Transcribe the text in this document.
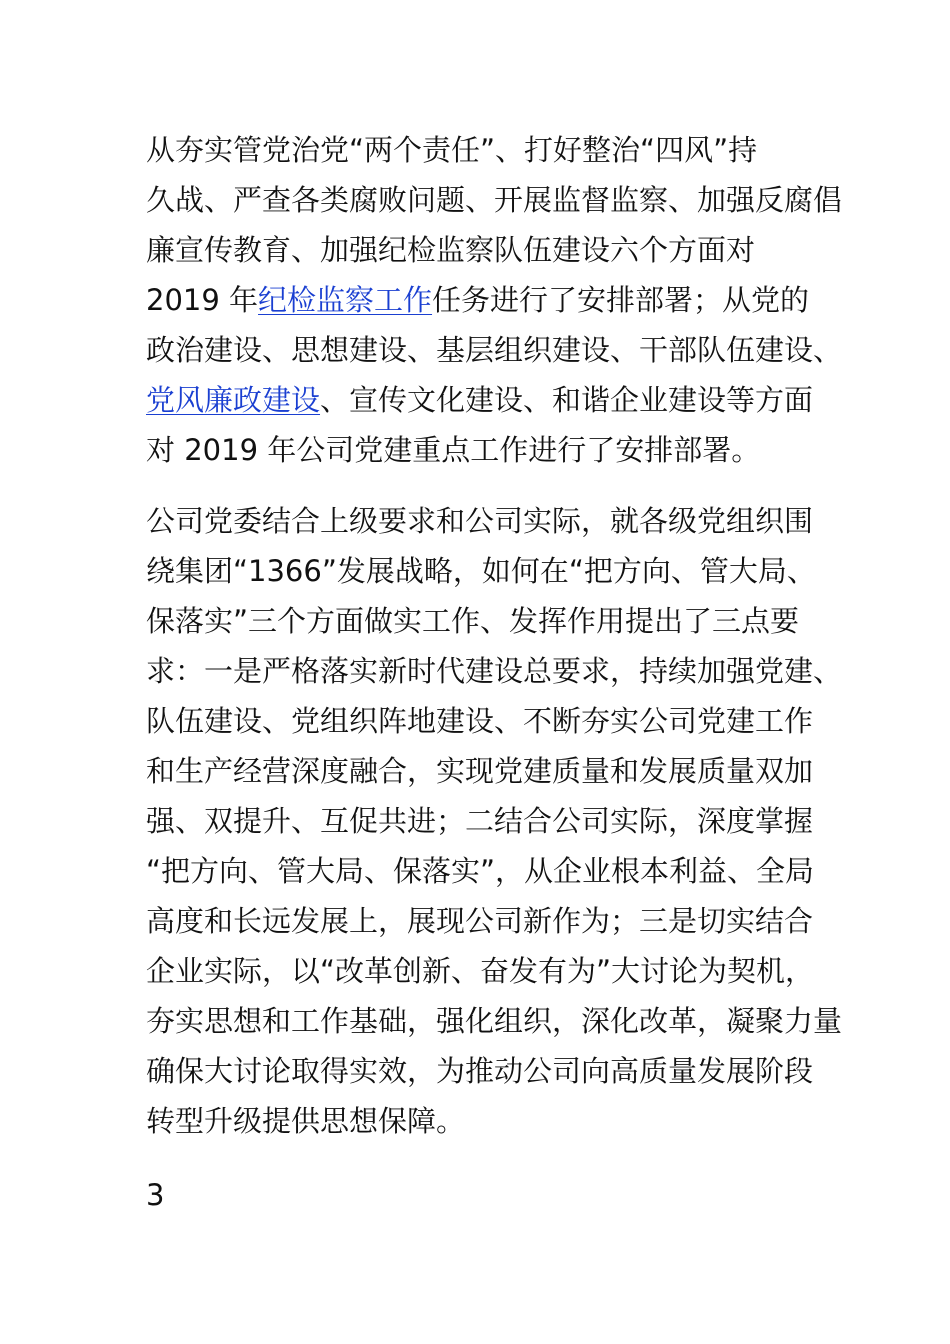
从夯实管党治党“两个责任”、打好整治“四风”持
久战、严查各类腐败问题、开展监督监察、加强反腐倡
廉宣传教育、加强纪检监察队伍建设六个方面对
2019 年纪检监察工作任务进行了安排部署；从党的
政治建设、思想建设、基层组织建设、干部队伍建设、
党风廉政建设、宣传文化建设、和谐企业建设等方面
对 2019 年公司党建重点工作进行了安排部署。

公司党委结合上级要求和公司实际，就各级党组织围
绕集团“1366”发展战略，如何在“把方向、管大局、
保落实”三个方面做实工作、发挥作用提出了三点要
求：一是严格落实新时代建设总要求，持续加强党建、
队伍建设、党组织阵地建设、不断夯实公司党建工作
和生产经营深度融合，实现党建质量和发展质量双加
强、双提升、互促共进；二结合公司实际，深度掌握
“把方向、管大局、保落实”，从企业根本利益、全局
高度和长远发展上，展现公司新作为；三是切实结合
企业实际，以“改革创新、奋发有为”大讨论为契机，
夯实思想和工作基础，强化组织，深化改革，凝聚力量
确保大讨论取得实效，为推动公司向高质量发展阶段
转型升级提供思想保障。

3
